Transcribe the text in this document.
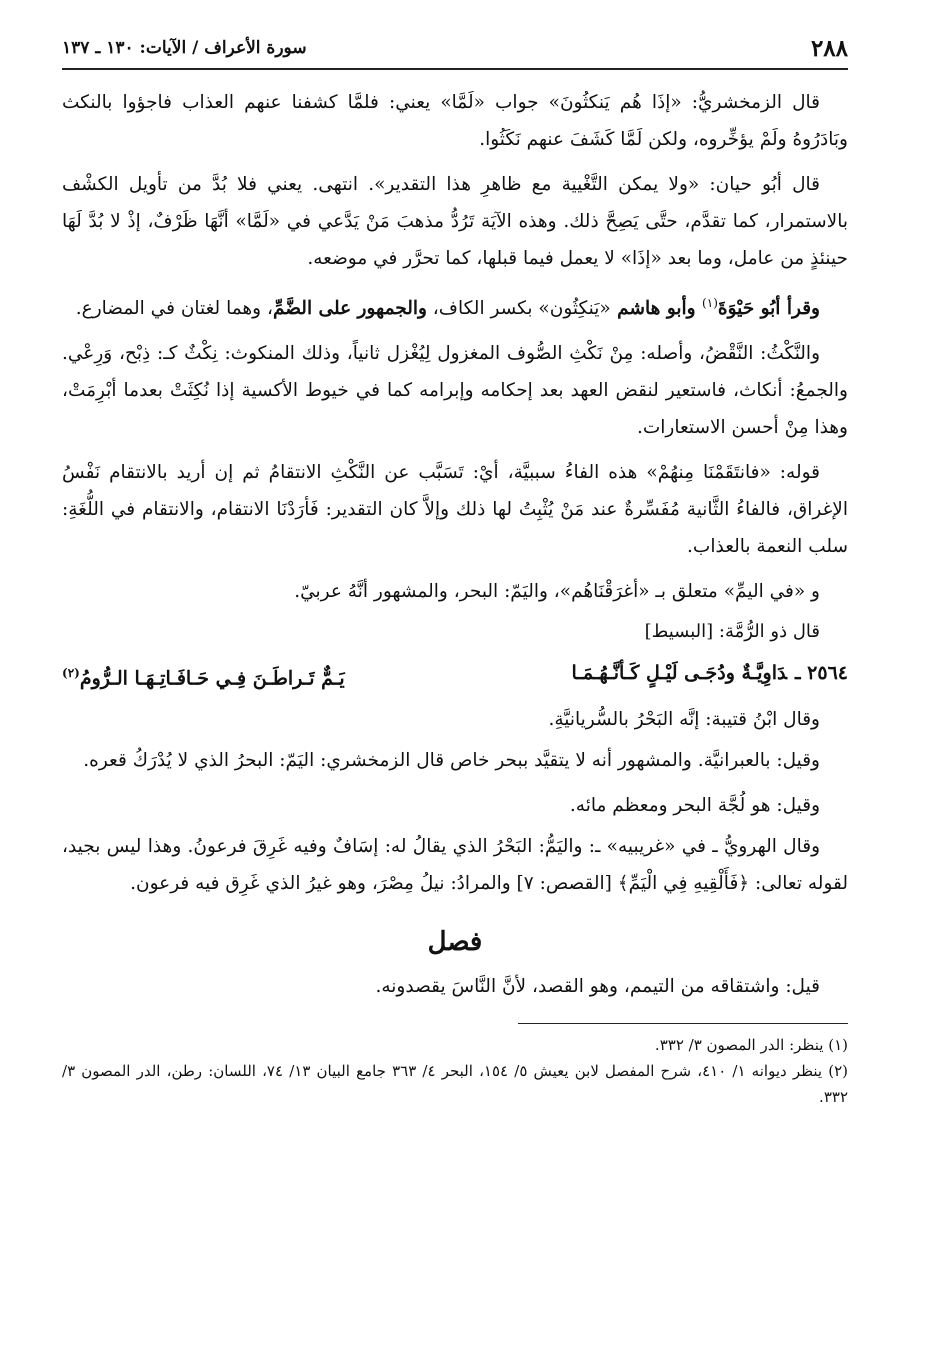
٢٨٨
سورة الأعراف / الآيات: ١٣٠ ـ ١٣٧

قال الزمخشريُّ: «إذَا هُم يَنكثُونَ» جواب «لَمَّا» يعني: فلمَّا كشفنا عنهم العذاب فاجؤوا بالنكث وبَادَرُوهُ ولَمْ يؤخِّروه، ولكن لَمَّا كَشَفَ عنهم نَكَثُوا.

قال أبُو حيان: «ولا يمكن التَّغْيية مع ظاهرِ هذا التقدير». انتهى. يعني فلا بُدَّ من تأويل الكشْف بالاستمرار، كما تقدَّم، حتَّى يَصِحَّ ذلك. وهذه الآيَة تَرُدُّ مذهبَ مَنْ يَدَّعي في «لَمَّا» أنَّهَا ظَرْفٌ، إذْ لا بُدَّ لَهَا حينئذٍ من عامل، وما بعد «إذَا» لا يعمل فيما قبلها، كما تحرَّر في موضعه.

وقرأ أبُو حَيْوَةَ$^{(١)}$ وأبو هاشم «يَنكِثُون» بكسر الكاف، والجمهور على الضَّمِّ، وهما لغتان في المضارع.

والنَّكْثُ: النَّقْضُ، وأصله: مِنْ نَكْثِ الصُّوف المغزول لِيُغْزل ثانياً، وذلك المنكوث: نِكْثٌ كـ: ذِبْح، وَرِعْي. والجمعُ: أنكاث، فاستعير لنقض العهد بعد إحكامه وإبرامه كما في خيوط الأكسية إذا نُكِثَتْ بعدما أبْرِمَتْ، وهذا مِنْ أحسن الاستعارات.

قوله: «فانتَقَمْنَا مِنهُمْ» هذه الفاءُ سببيَّة، أيْ: تَسَبَّب عن النَّكْثِ الانتقامُ ثم إن أريد بالانتقام نَفْسُ الإغراق، فالفاءُ الثَّانية مُفَسِّرةٌ عند مَنْ يُثْبِتُ لها ذلك وإلاَّ كان التقدير: فَأرَدْنَا الانتقام، والانتقام في اللُّغَةِ: سلب النعمة بالعذاب.

و «في اليمِّ» متعلق بـ «أغرَقْنَاهُم»، واليَمّ: البحر، والمشهور أنَّهُ عربيّ.

قال ذو الرُّمَّة: [البسيط]

٢٥٦٤ ـدَاوِيَّـةٌ ودُجَـى لَيْـلٍ كَـأنَّـهُـمَـا
يَـمٌّ تَـراطَـنَ فِـي حَـافَـاتِـهَـا الـرُّومُ$^{(٢)}$

وقال ابْنُ قتيبة: إنَّه البَحْرُ بالسُّريانيَّةِ.

وقيل: بالعبرانيَّة. والمشهور أنه لا يتقيَّد ببحر خاص قال الزمخشري: اليَمّ: البحرُ الذي لا يُدْرَكُ قعره.

وقيل: هو لُجَّة البحر ومعظم مائه.

وقال الهرويُّ ـ في «غريبيه» ـ: واليَمُّ: البَحْرُ الذي يقالُ له: إسَافٌ وفيه غَرِقَ فرعونُ. وهذا ليس بجيد، لقوله تعالى: ﴿فَأَلْقِيهِ فِي الْيَمِّ﴾ [القصص: ٧] والمرادُ: نيلُ مِصْرَ، وهو غيرُ الذي غَرِق فيه فرعون.

فصل

قيل: واشتقاقه من التيمم، وهو القصد، لأنَّ النَّاسَ يقصدونه.

(١) ينظر: الدر المصون ٣/ ٣٣٢.

(٢) ينظر ديوانه ١/ ٤١٠، شرح المفصل لابن يعيش ٥/ ١٥٤، البحر ٤/ ٣٦٣ جامع البيان ١٣/ ٧٤، اللسان: رطن، الدر المصون ٣/ ٣٣٢.
